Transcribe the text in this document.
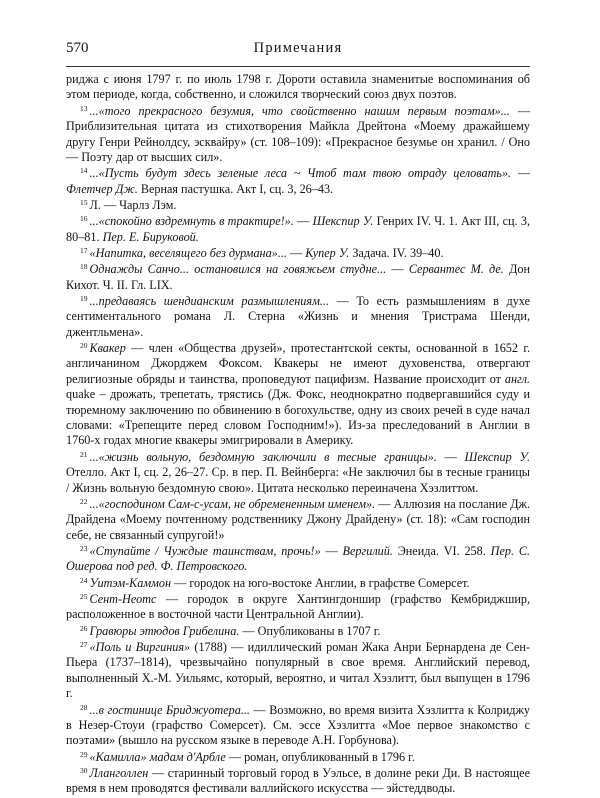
570	Примечания

риджа с июня 1797 г. по июль 1798 г. Дороти оставила знаменитые воспоминания об этом периоде, когда, собственно, и сложился творческий союз двух поэтов.

$^{13}$ ...«того прекрасного безумия, что свойственно нашим первым поэтам»... — Приблизительная цитата из стихотворения Майкла Дрейтона «Моему дражайшему другу Генри Рейнолдсу, эсквайру» (ст. 108–109): «Прекрасное безумье он хранил. / Оно — Поэту дар от высших сил».

$^{14}$ ...«Пусть будут здесь зеленые леса ~ Чтоб там твою отраду целовать». — Флетчер Дж. Верная пастушка. Акт I, сц. 3, 26–43.

$^{15}$ Л. — Чарлз Лэм.

$^{16}$ ...«спокойно вздремнуть в трактире!». — Шекспир У. Генрих IV. Ч. 1. Акт III, сц. 3, 80–81. Пер. Е. Бируковой.

$^{17}$ «Напитка, веселящего без дурмана»... — Купер У. Задача. IV. 39–40.

$^{18}$ Однажды Санчо... остановился на говяжьем студне... — Сервантес М. де. Дон Кихот. Ч. II. Гл. LIX.

$^{19}$ ...предаваясь шендианским размышлениям... — То есть размышлениям в духе сентиментального романа Л. Стерна «Жизнь и мнения Тристрама Шенди, джентльмена».

$^{20}$ Квакер — член «Общества друзей», протестантской секты, основанной в 1652 г. англичанином Джорджем Фоксом. Квакеры не имеют духовенства, отвергают религиозные обряды и таинства, проповедуют пацифизм. Название происходит от англ. quake – дрожать, трепетать, трястись (Дж. Фокс, неоднократно подвергавшийся суду и тюремному заключению по обвинению в богохульстве, одну из своих речей в суде начал словами: «Трепещите перед словом Господним!»). Из-за преследований в Англии в 1760-х годах многие квакеры эмигрировали в Америку.

$^{21}$ ...«жизнь вольную, бездомную заключили в тесные границы». — Шекспир У. Отелло. Акт I, сц. 2, 26–27. Ср. в пер. П. Вейнберга: «Не заключил бы в тесные границы / Жизнь вольную бездомную свою». Цитата несколько переиначена Хэзлиттом.

$^{22}$ ...«господином Сам-с-усам, не обремененным именем». — Аллюзия на послание Дж. Драйдена «Моему почтенному родственнику Джону Драйдену» (ст. 18): «Сам господин себе, не связанный супругой!»

$^{23}$ «Ступайте / Чуждые таинствам, прочь!» — Вергилий. Энеида. VI. 258. Пер. С. Ошерова под ред. Ф. Петровского.

$^{24}$ Уитэм-Каммон — городок на юго-востоке Англии, в графстве Сомерсет.

$^{25}$ Сент-Неотс — городок в округе Хантингдоншир (графство Кембриджшир, расположенное в восточной части Центральной Англии).

$^{26}$ Гравюры этюдов Грибелина. — Опубликованы в 1707 г.

$^{27}$ «Поль и Виргиния» (1788) — идиллический роман Жака Анри Бернардена де Сен-Пьера (1737–1814), чрезвычайно популярный в свое время. Английский перевод, выполненный Х.-М. Уильямс, который, вероятно, и читал Хэзлитт, был выпущен в 1796 г.

$^{28}$ ...в гостинице Бриджуотера... — Возможно, во время визита Хэзлитта к Колриджу в Незер-Стоуи (графство Сомерсет). См. эссе Хэзлитта «Мое первое знакомство с поэтами» (вышло на русском языке в переводе А.Н. Горбунова).

$^{29}$ «Камилла» мадам д'Арбле — роман, опубликованный в 1796 г.

$^{30}$ Лланголлен — старинный торговый город в Уэльсе, в долине реки Ди. В настоящее время в нем проводятся фестивали валлийского искусства — эйстеддводы.
